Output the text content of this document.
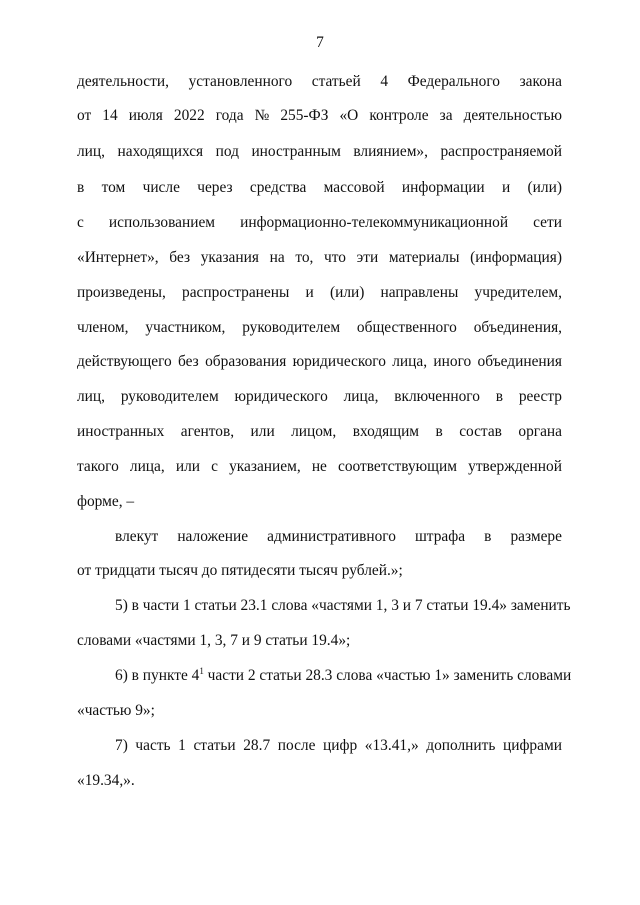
7
деятельности, установленного статьей 4 Федерального закона
от 14 июля 2022 года № 255-ФЗ «О контроле за деятельностью
лиц, находящихся под иностранным влиянием», распространяемой
в том числе через средства массовой информации и (или)
с использованием информационно-телекоммуникационной сети
«Интернет», без указания на то, что эти материалы (информация)
произведены, распространены и (или) направлены учредителем,
членом, участником, руководителем общественного объединения,
действующего без образования юридического лица, иного объединения
лиц, руководителем юридического лица, включенного в реестр
иностранных агентов, или лицом, входящим в состав органа
такого лица, или с указанием, не соответствующим утвержденной
форме, –
влекут наложение административного штрафа в размере
от тридцати тысяч до пятидесяти тысяч рублей.»;
5) в части 1 статьи 23.1 слова «частями 1, 3 и 7 статьи 19.4» заменить
словами «частями 1, 3, 7 и 9 статьи 19.4»;
6) в пункте $4^1$ части 2 статьи 28.3 слова «частью 1» заменить словами
«частью 9»;
7) часть 1 статьи 28.7 после цифр «13.41,» дополнить цифрами
«19.34,».
